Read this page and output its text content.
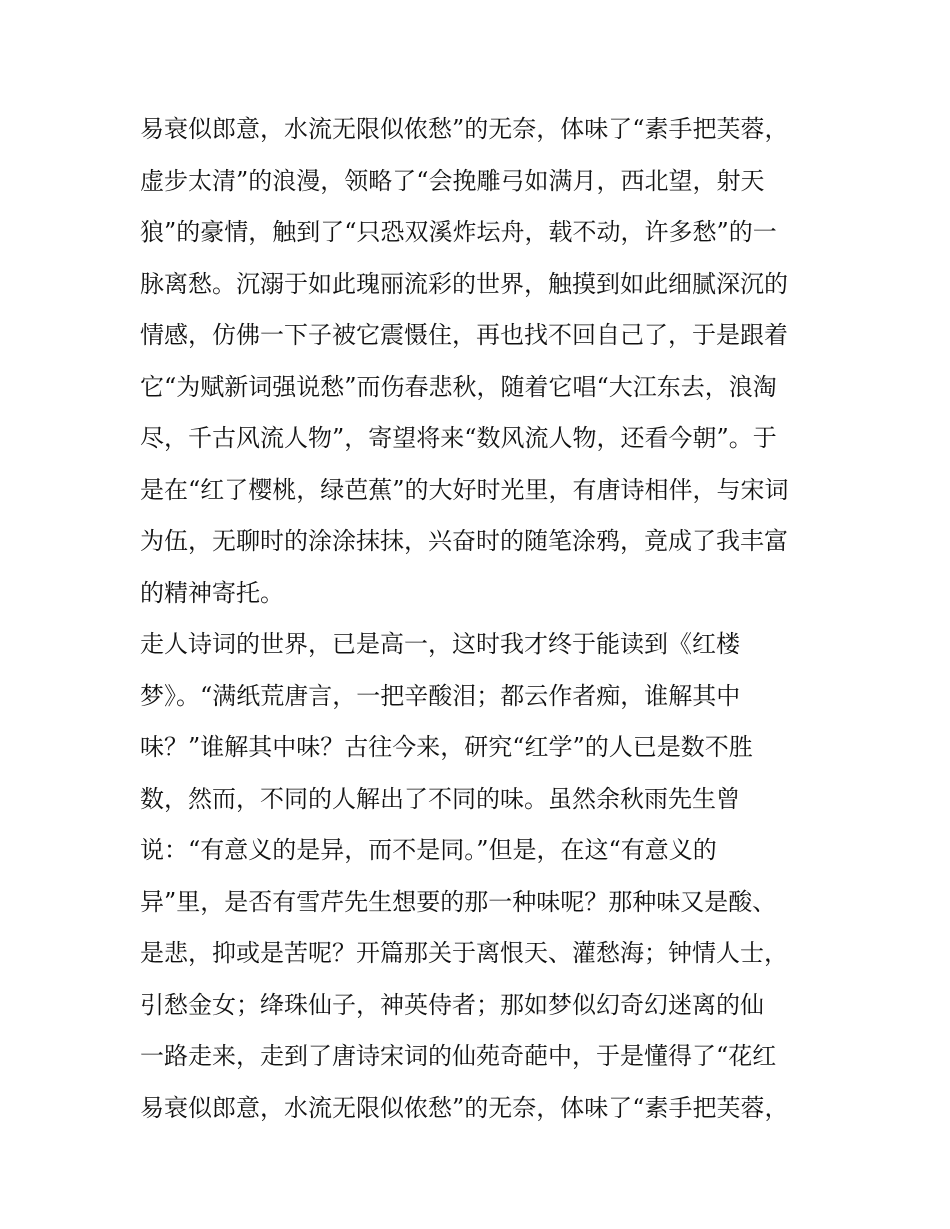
易衰似郎意，水流无限似侬愁”的无奈，体味了“素手把芙蓉，
虚步太清”的浪漫，领略了“会挽雕弓如满月，西北望，射天
狼”的豪情，触到了“只恐双溪炸坛舟，载不动，许多愁”的一
脉离愁。沉溺于如此瑰丽流彩的世界，触摸到如此细腻深沉的
情感，仿佛一下子被它震慑住，再也找不回自己了，于是跟着
它“为赋新词强说愁”而伤春悲秋，随着它唱“大江东去，浪淘
尽，千古风流人物”，寄望将来“数风流人物，还看今朝”。于
是在“红了樱桃，绿芭蕉”的大好时光里，有唐诗相伴，与宋词
为伍，无聊时的涂涂抹抹，兴奋时的随笔涂鸦，竟成了我丰富
的精神寄托。
走人诗词的世界，已是高一，这时我才终于能读到《红楼
梦》。“满纸荒唐言，一把辛酸泪；都云作者痴，谁解其中
味？”谁解其中味？古往今来，研究“红学”的人已是数不胜
数，然而，不同的人解出了不同的味。虽然余秋雨先生曾
说：“有意义的是异，而不是同。”但是，在这“有意义的
异”里，是否有雪芹先生想要的那一种味呢？那种味又是酸、
是悲，抑或是苦呢？开篇那关于离恨天、灌愁海；钟情人士，
引愁金女；绛珠仙子，神英侍者；那如梦似幻奇幻迷离的仙
一路走来，走到了唐诗宋词的仙苑奇葩中，于是懂得了“花红
易衰似郎意，水流无限似侬愁”的无奈，体味了“素手把芙蓉，
